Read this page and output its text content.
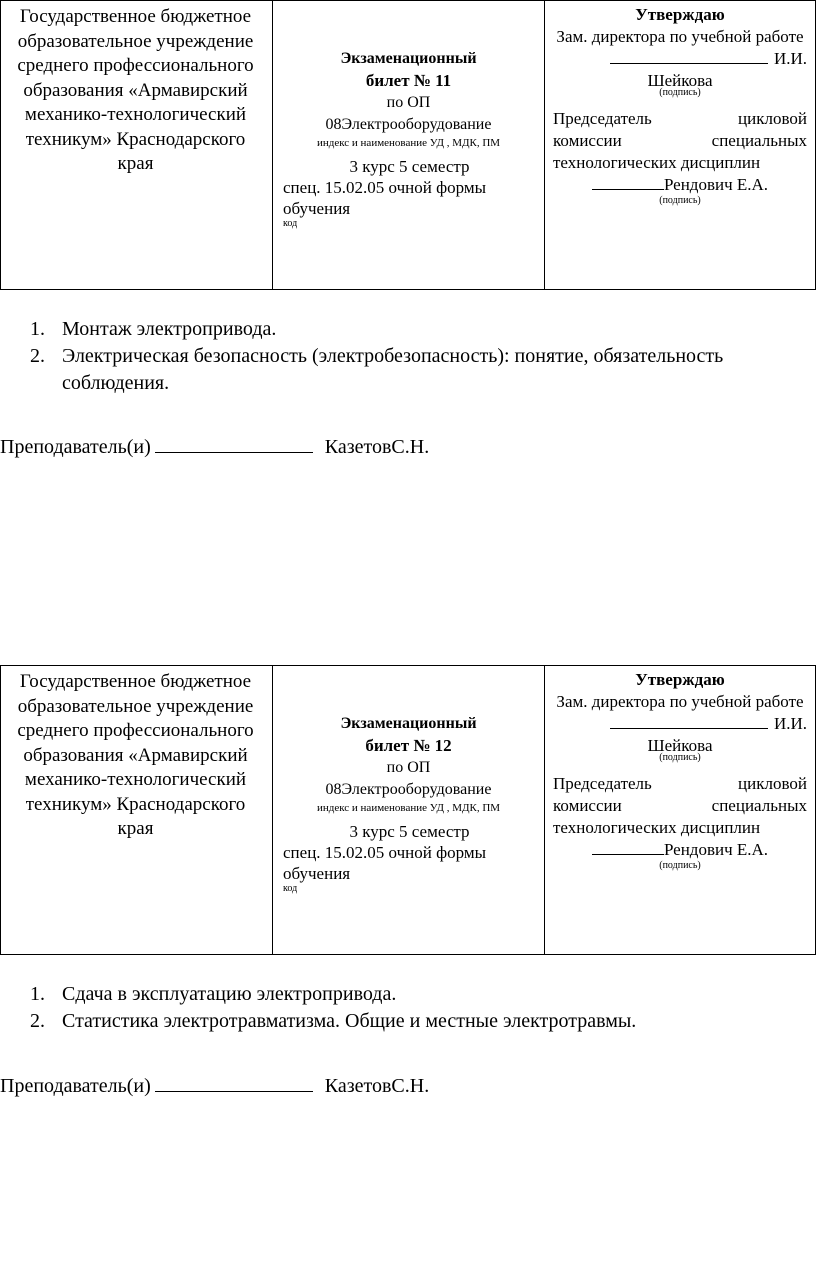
Государственное бюджетное образовательное учреждение среднего профессионального образования «Армавирский механико-технологический техникум» Краснодарского края
Экзаменационный
билет № 11
по ОП
08Электрооборудование
индекс и наименование УД , МДК, ПМ
3 курс 5 семестр
спец. 15.02.05 очной формы обучения
код
Утверждаю
Зам. директора по учебной работе
И.И.
Шейкова
(подпись)
Председатель цикловой
комиссии специальных
технологических дисциплин
Рендович Е.А.
(подпись)
1. Монтаж электропривода.
2. Электрическая безопасность (электробезопасность): понятие, обязательность соблюдения.
Преподаватель(и)	КазетовС.Н.
Государственное бюджетное образовательное учреждение среднего профессионального образования «Армавирский механико-технологический техникум» Краснодарского края
Экзаменационный
билет № 12
по ОП
08Электрооборудование
индекс и наименование УД , МДК, ПМ
3 курс 5 семестр
спец. 15.02.05 очной формы обучения
код
Утверждаю
Зам. директора по учебной работе
И.И.
Шейкова
(подпись)
Председатель цикловой
комиссии специальных
технологических дисциплин
Рендович Е.А.
(подпись)
1. Сдача в эксплуатацию электропривода.
2. Статистика электротравматизма. Общие и местные электротравмы.
Преподаватель(и)	КазетовС.Н.
